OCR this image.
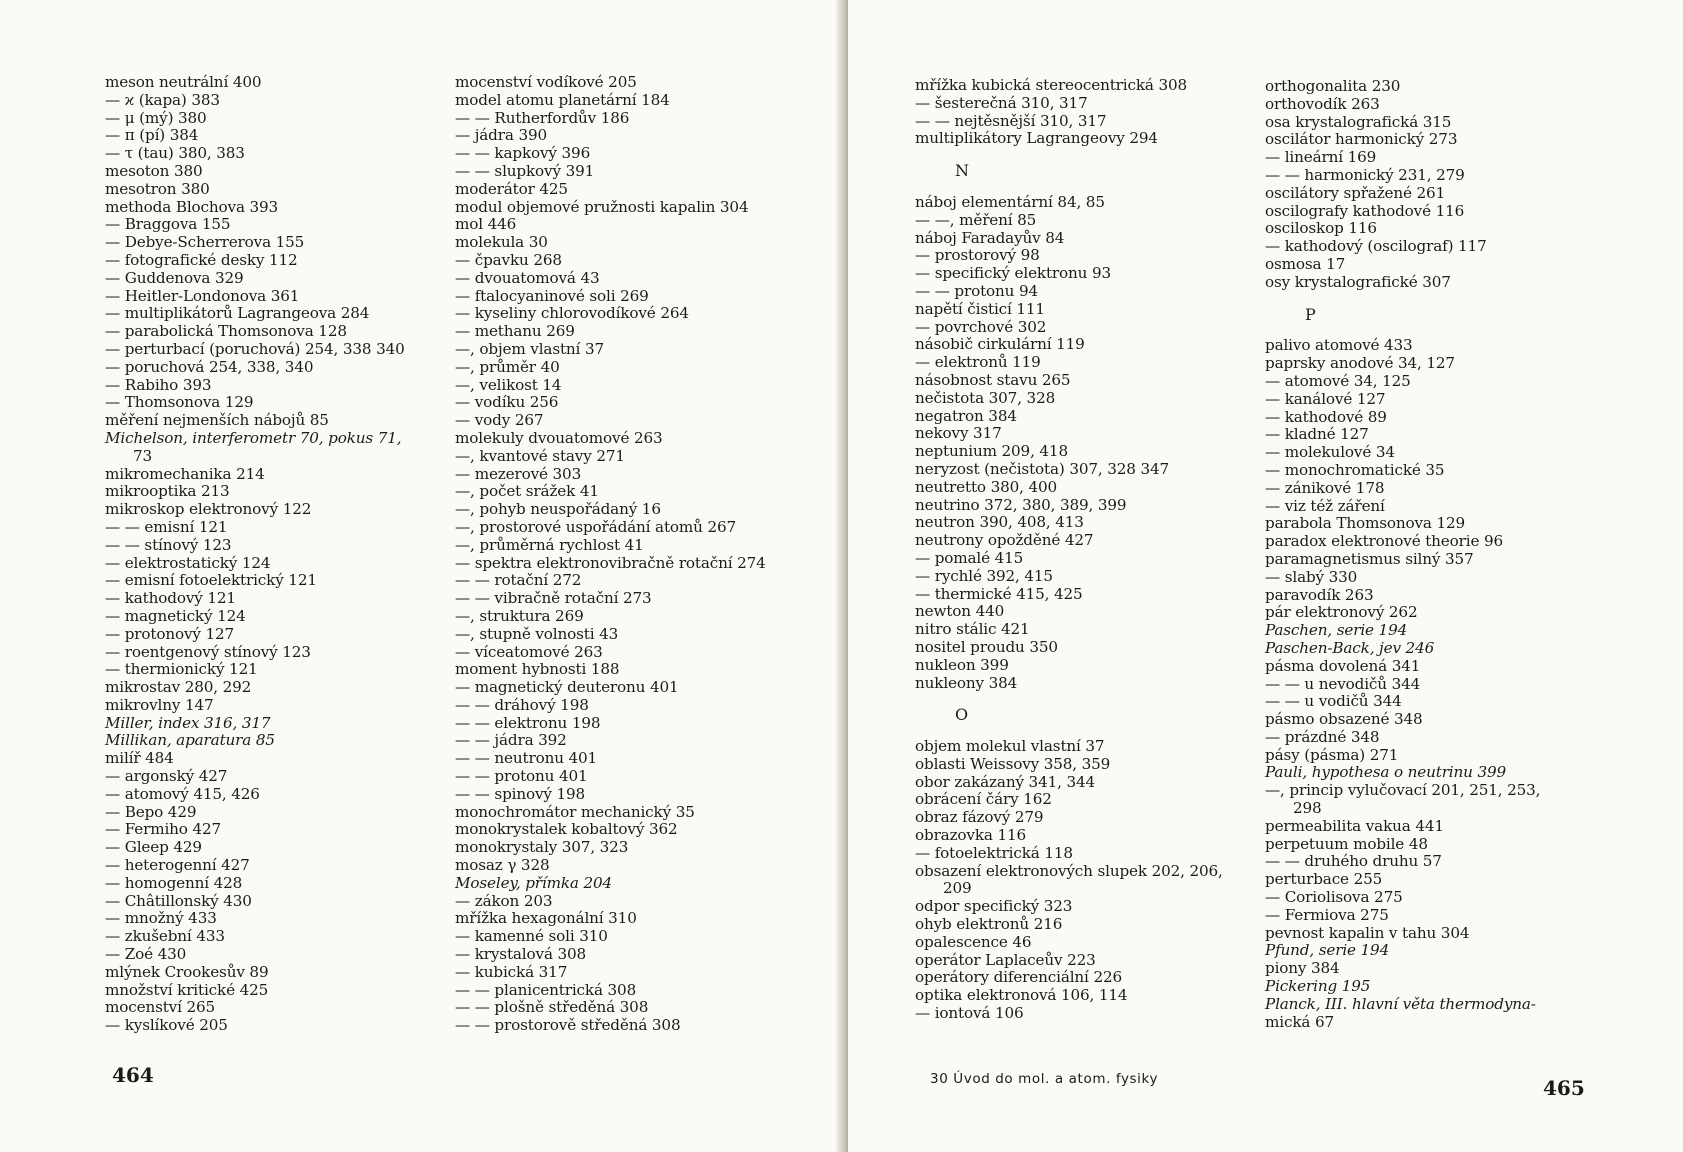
meson neutrální 400
— ϰ (kapa) 383
— μ (mý) 380
— π (pí) 384
— τ (tau) 380, 383
mesoton 380
mesotron 380
methoda Blochova 393
— Braggova 155
— Debye-Scherrerova 155
— fotografické desky 112
— Guddenova 329
— Heitler-Londonova 361
— multiplikátorů Lagrangeova 284
— parabolická Thomsonova 128
— perturbací (poruchová) 254, 338 340
— poruchová 254, 338, 340
— Rabiho 393
— Thomsonova 129
měření nejmenších nábojů 85
Michelson, interferometr 70, pokus 71,
73
mikromechanika 214
mikrooptika 213
mikroskop elektronový 122
— — emisní 121
— — stínový 123
— elektrostatický 124
— emisní fotoelektrický 121
— kathodový 121
— magnetický 124
— protonový 127
— roentgenový stínový 123
— thermionický 121
mikrostav 280, 292
mikrovlny 147
Miller, index 316, 317
Millikan, aparatura 85
milíř 484
— argonský 427
— atomový 415, 426
— Bepo 429
— Fermiho 427
— Gleep 429
— heterogenní 427
— homogenní 428
— Châtillonský 430
— množný 433
— zkušební 433
— Zoé 430
mlýnek Crookesův 89
množství kritické 425
mocenství 265
— kyslíkové 205
mocenství vodíkové 205
model atomu planetární 184
— — Rutherfordův 186
— jádra 390
— — kapkový 396
— — slupkový 391
moderátor 425
modul objemové pružnosti kapalin 304
mol 446
molekula 30
— čpavku 268
— dvouatomová 43
— ftalocyaninové soli 269
— kyseliny chlorovodíkové 264
— methanu 269
—, objem vlastní 37
—, průměr 40
—, velikost 14
— vodíku 256
— vody 267
molekuly dvouatomové 263
—, kvantové stavy 271
— mezerové 303
—, počet srážek 41
—, pohyb neuspořádaný 16
—, prostorové uspořádání atomů 267
—, průměrná rychlost 41
— spektra elektronovibračně rotační 274
— — rotační 272
— — vibračně rotační 273
—, struktura 269
—, stupně volnosti 43
— víceatomové 263
moment hybnosti 188
— magnetický deuteronu 401
— — dráhový 198
— — elektronu 198
— — jádra 392
— — neutronu 401
— — protonu 401
— — spinový 198
monochromátor mechanický 35
monokrystalek kobaltový 362
monokrystaly 307, 323
mosaz γ 328
Moseley, přímka 204
— zákon 203
mřížka hexagonální 310
— kamenné soli 310
— krystalová 308
— kubická 317
— — planicentrická 308
— — plošně středěná 308
— — prostorově středěná 308
464
mřížka kubická stereocentrická 308
— šesterečná 310, 317
— — nejtěsnější 310, 317
multiplikátory Lagrangeovy 294
N
náboj elementární 84, 85
— —, měření 85
náboj Faradayův 84
— prostorový 98
— specifický elektronu 93
— — protonu 94
napětí čisticí 111
— povrchové 302
násobič cirkulární 119
— elektronů 119
násobnost stavu 265
nečistota 307, 328
negatron 384
nekovy 317
neptunium 209, 418
neryzost (nečistota) 307, 328 347
neutretto 380, 400
neutrino 372, 380, 389, 399
neutron 390, 408, 413
neutrony opožděné 427
— pomalé 415
— rychlé 392, 415
— thermické 415, 425
newton 440
nitro stálic 421
nositel proudu 350
nukleon 399
nukleony 384
O
objem molekul vlastní 37
oblasti Weissovy 358, 359
obor zakázaný 341, 344
obrácení čáry 162
obraz fázový 279
obrazovka 116
— fotoelektrická 118
obsazení elektronových slupek 202, 206,
209
odpor specifický 323
ohyb elektronů 216
opalescence 46
operátor Laplaceův 223
operátory diferenciální 226
optika elektronová 106, 114
— iontová 106
orthogonalita 230
orthovodík 263
osa krystalografická 315
oscilátor harmonický 273
— lineární 169
— — harmonický 231, 279
oscilátory spřažené 261
oscilografy kathodové 116
osciloskop 116
— kathodový (oscilograf) 117
osmosa 17
osy krystalografické 307
P
palivo atomové 433
paprsky anodové 34, 127
— atomové 34, 125
— kanálové 127
— kathodové 89
— kladné 127
— molekulové 34
— monochromatické 35
— zánikové 178
— viz též záření
parabola Thomsonova 129
paradox elektronové theorie 96
paramagnetismus silný 357
— slabý 330
paravodík 263
pár elektronový 262
Paschen, serie 194
Paschen-Back, jev 246
pásma dovolená 341
— — u nevodičů 344
— — u vodičů 344
pásmo obsazené 348
— prázdné 348
pásy (pásma) 271
Pauli, hypothesa o neutrinu 399
—, princip vylučovací 201, 251, 253,
298
permeabilita vakua 441
perpetuum mobile 48
— — druhého druhu 57
perturbace 255
— Coriolisova 275
— Fermiova 275
pevnost kapalin v tahu 304
Pfund, serie 194
piony 384
Pickering 195
Planck, III. hlavní věta thermodyna-
mická 67
30 Úvod do mol. a atom. fysiky	465
